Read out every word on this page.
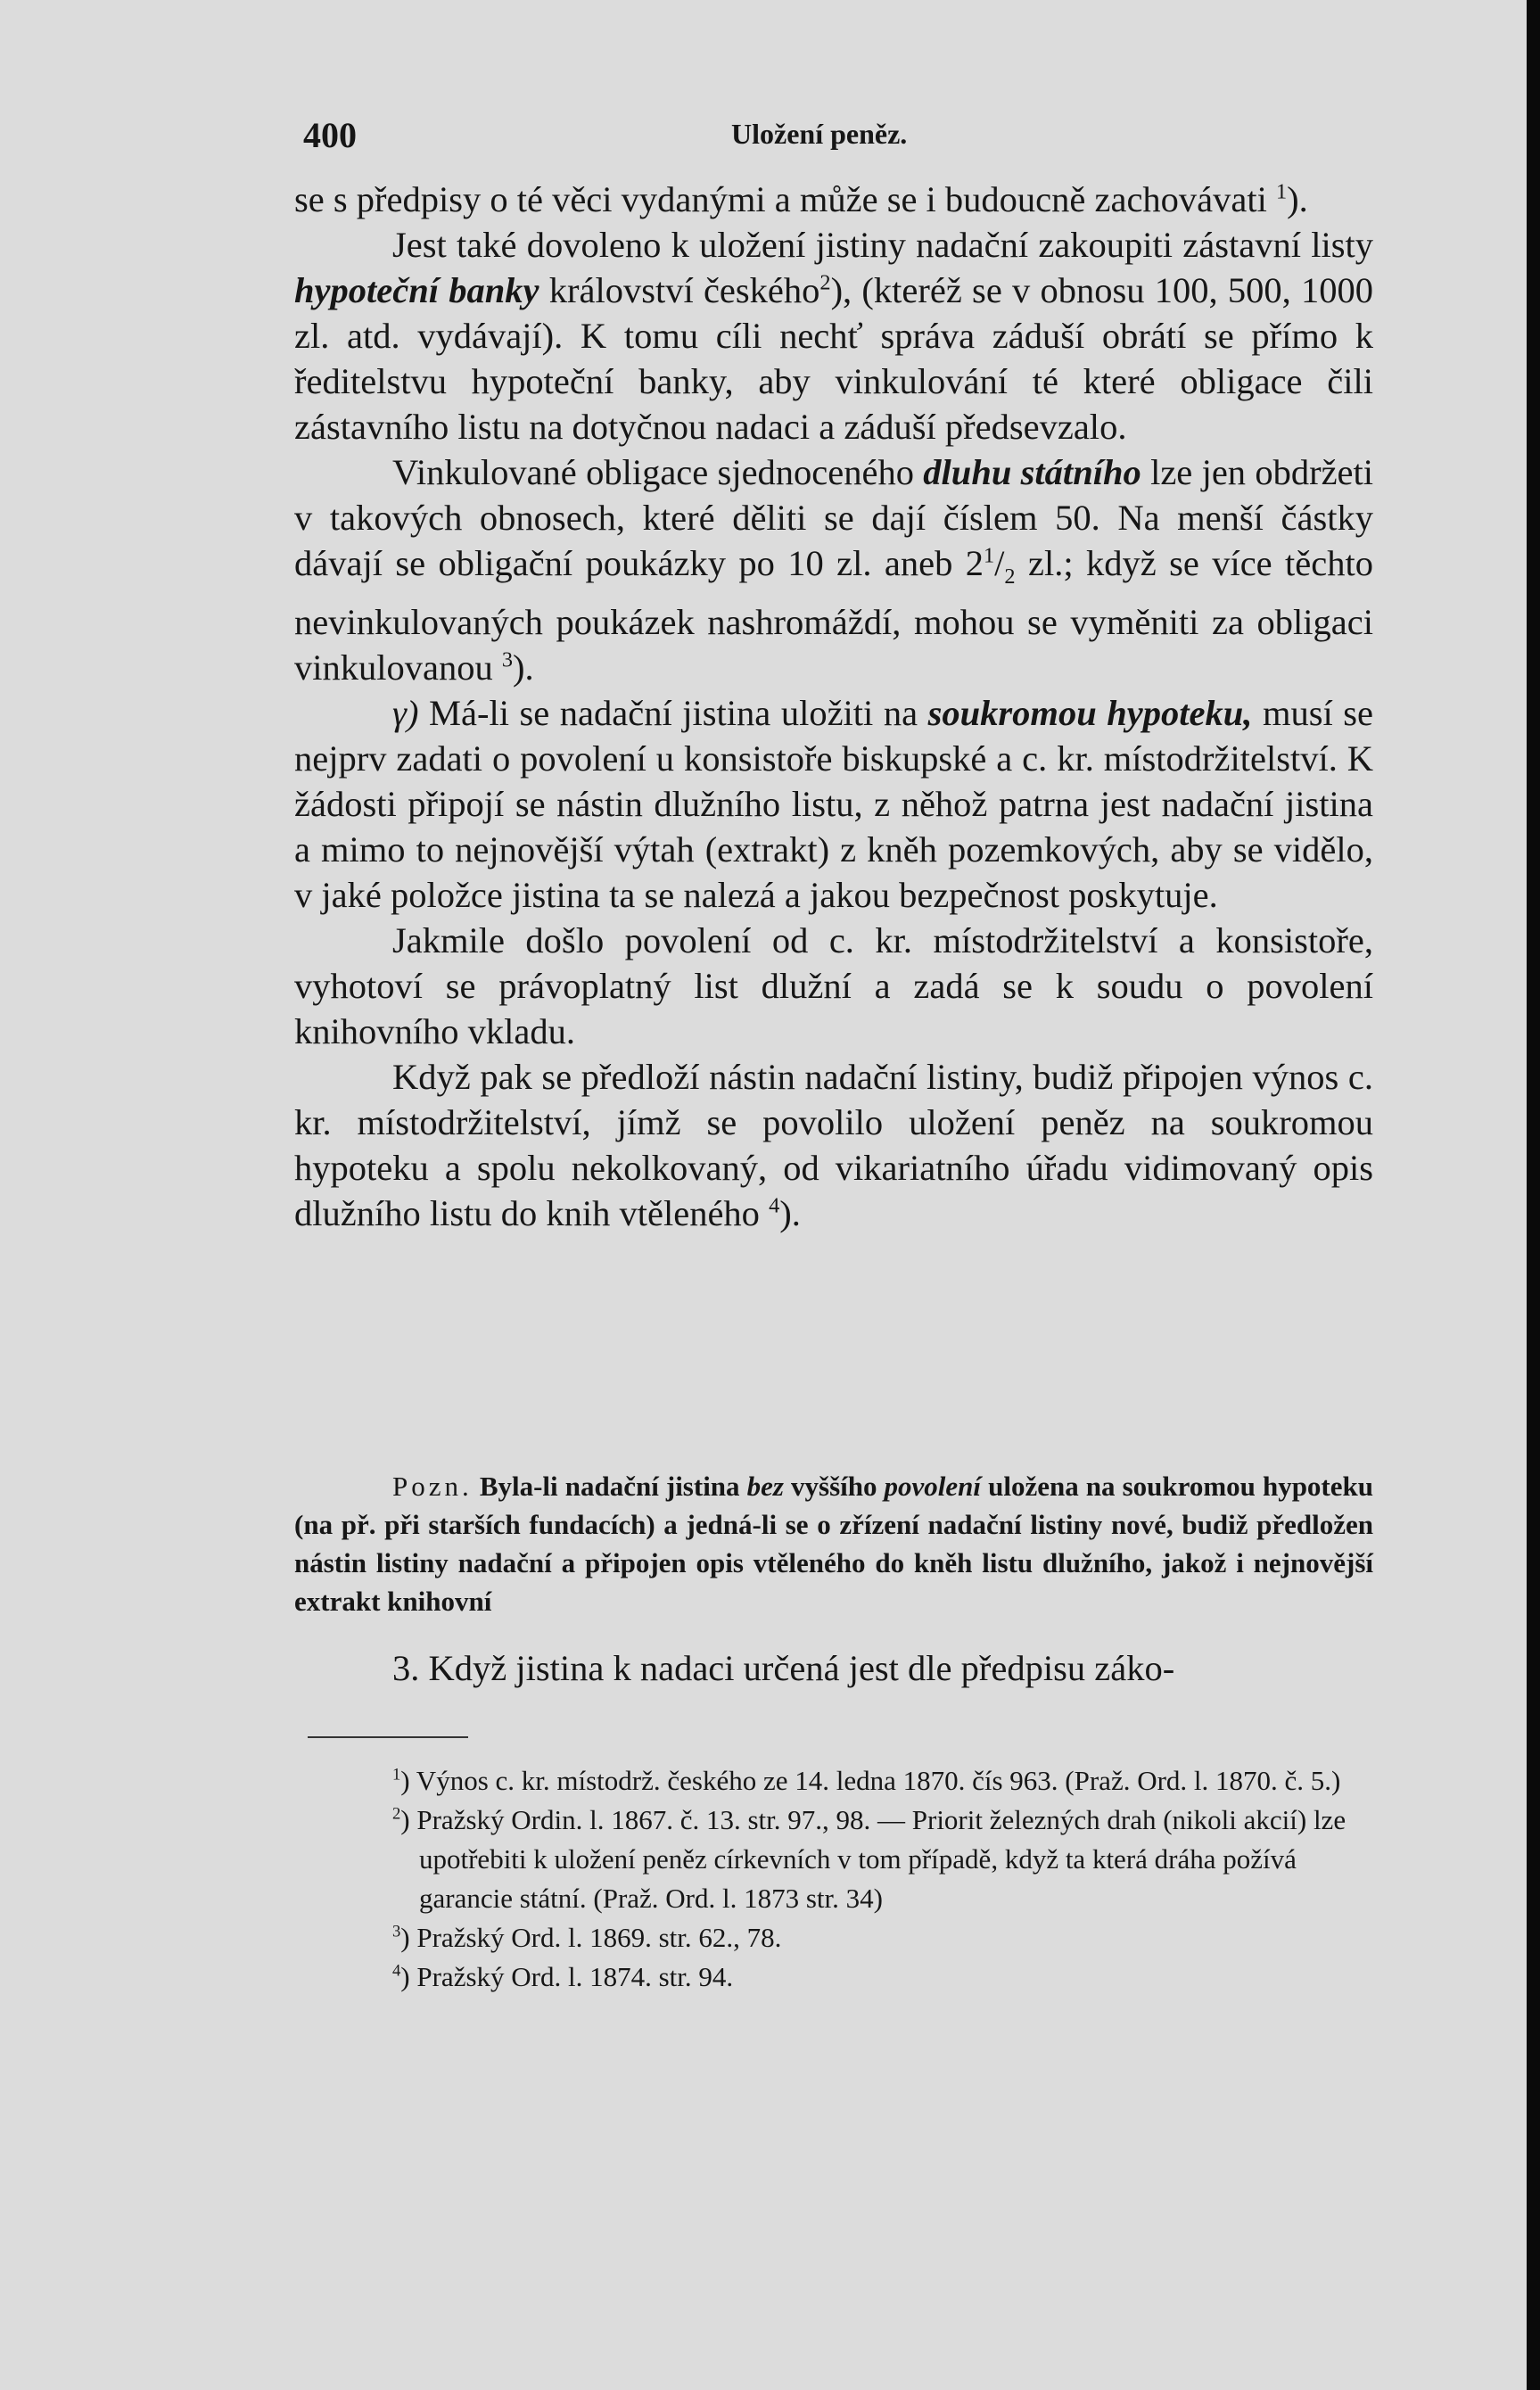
400	Uložení peněz.

se s předpisy o té věci vydanými a může se i budoucně zachovávati $^1$).

Jest také dovoleno k uložení jistiny nadační zakoupiti zástavní listy hypoteční banky království českého$^2$), (kteréž se v obnosu 100, 500, 1000 zl. atd. vydávají). K tomu cíli nechť správa záduší obrátí se přímo k ředitelstvu hypoteční banky, aby vinkulování té které obligace čili zástavního listu na dotyčnou nadaci a záduší předsevzalo.

Vinkulované obligace sjednoceného dluhu státního lze jen obdržeti v takových obnosech, které děliti se dají číslem 50. Na menší částky dávají se obligační poukázky po 10 zl. aneb $2^1/_2$ zl.; když se více těchto nevinkulovaných poukázek nashromáždí, mohou se vyměniti za obligaci vinkulovanou $^3$).

γ) Má-li se nadační jistina uložiti na soukromou hypoteku, musí se nejprv zadati o povolení u konsistoře biskupské a c. kr. místodržitelství. K žádosti připojí se nástin dlužního listu, z něhož patrna jest nadační jistina a mimo to nejnovější výtah (extrakt) z kněh pozemkových, aby se vidělo, v jaké položce jistina ta se nalezá a jakou bezpečnost poskytuje.

Jakmile došlo povolení od c. kr. místodržitelství a konsistoře, vyhotoví se právoplatný list dlužní a zadá se k soudu o povolení knihovního vkladu.

Když pak se předloží nástin nadační listiny, budiž připojen výnos c. kr. místodržitelství, jímž se povolilo uložení peněz na soukromou hypoteku a spolu nekolkovaný, od vikariatního úřadu vidimovaný opis dlužního listu do knih vtěleného $^4$).

Pozn. Byla-li nadační jistina bez vyššího povolení uložena na soukromou hypoteku (na př. při starších fundacích) a jedná-li se o zřízení nadační listiny nové, budiž předložen nástin listiny nadační a připojen opis vtěleného do kněh listu dlužního, jakož i nejnovější extrakt knihovní
3. Když jistina k nadaci určená jest dle předpisu záko-

$^1$) Výnos c. kr. místodrž. českého ze 14. ledna 1870. čís 963. (Praž. Ord. l. 1870. č. 5.)

$^2$) Pražský Ordin. l. 1867. č. 13. str. 97., 98. — Priorit železných drah (nikoli akcií) lze upotřebiti k uložení peněz církevních v tom případě, když ta která dráha požívá garancie státní. (Praž. Ord. l. 1873 str. 34)

$^3$) Pražský Ord. l. 1869. str. 62., 78.

$^4$) Pražský Ord. l. 1874. str. 94.
